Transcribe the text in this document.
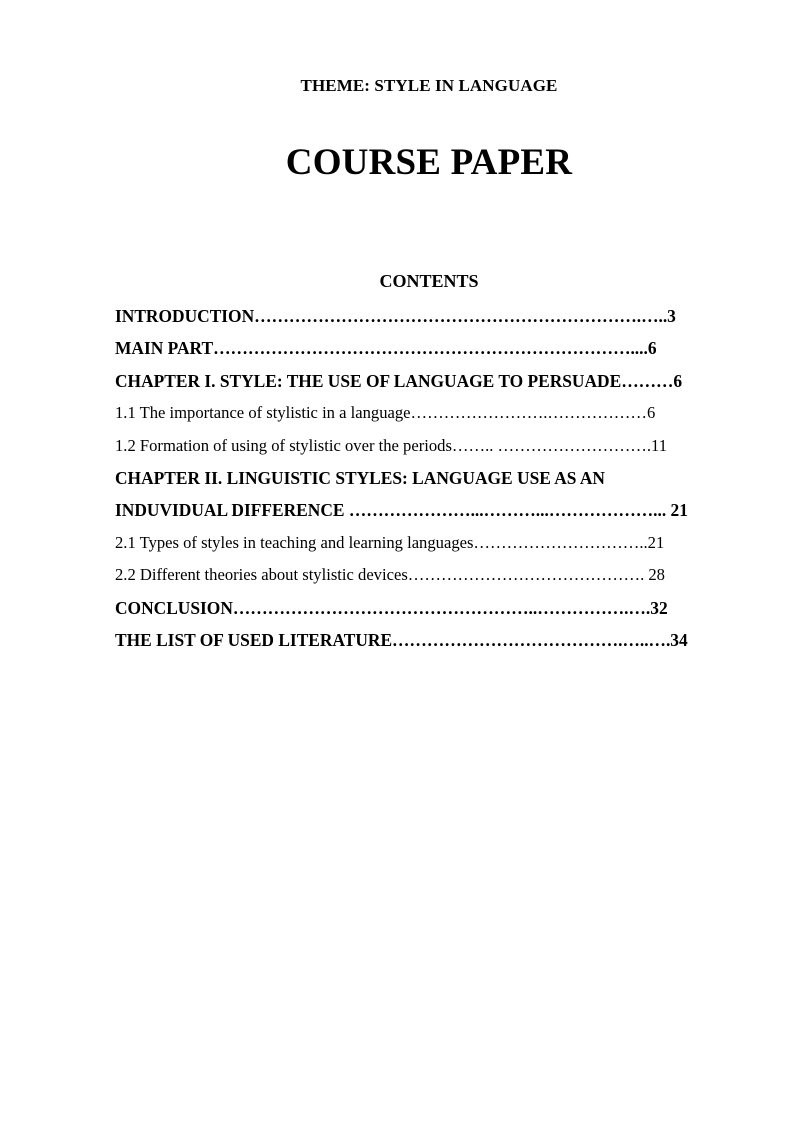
THEME: STYLE IN LANGUAGE
COURSE PAPER
CONTENTS
INTRODUCTION………………………………………………………….…..3
MAIN PART………………………………………………………………....6
CHAPTER I. STYLE: THE USE OF LANGUAGE TO PERSUADE………6
1.1 The importance of stylistic in a language…………………….………………6
1.2 Formation of using of stylistic over the periods…….. ……………………….11
CHAPTER II. LINGUISTIC STYLES: LANGUAGE USE AS AN
INDUVIDUAL DIFFERENCE …………………...………...………………... 21
2.1 Types of styles in teaching and learning languages…………………………..21
2.2 Different theories about stylistic devices……………………………………. 28
CONCLUSION……………………………………………..…………….….32
THE LIST OF USED LITERATURE………………………………….…..….34
